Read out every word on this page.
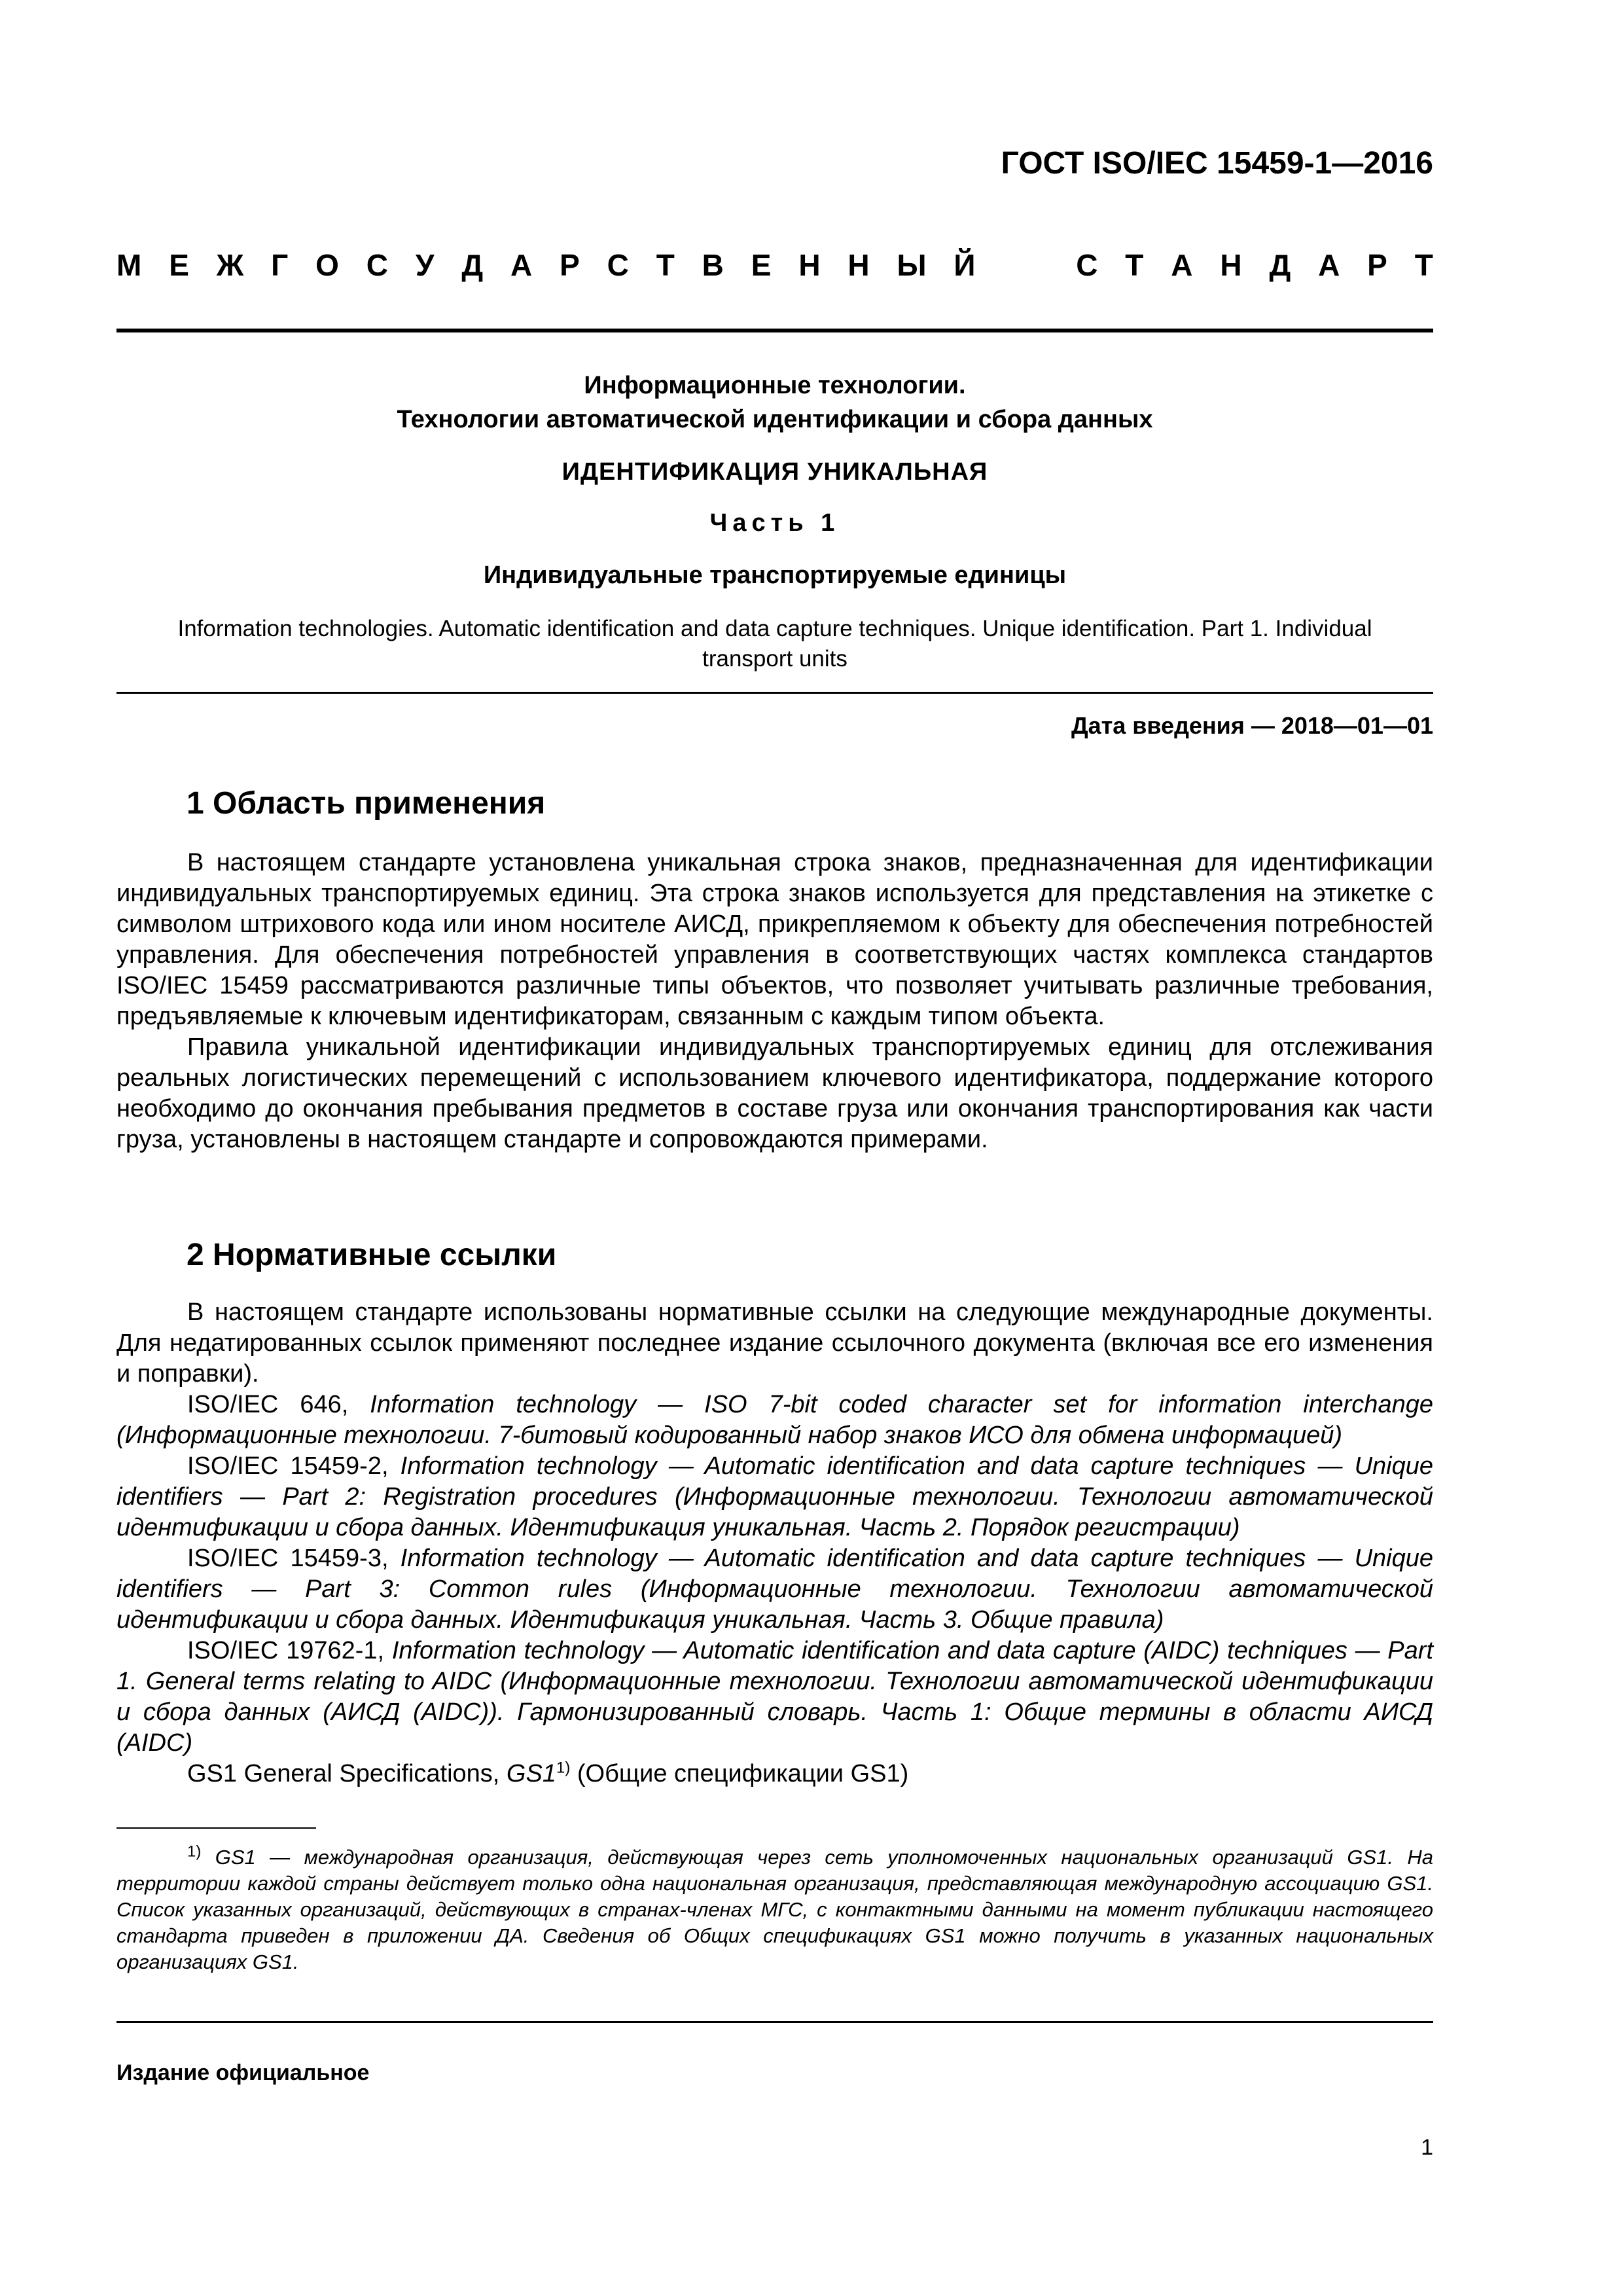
ГОСТ ISO/IEC 15459-1—2016
М Е Ж Г О С У Д А Р С Т В Е Н Н Ы Й	С Т А Н Д А Р Т
Информационные технологии.
Технологии автоматической идентификации и сбора данных
ИДЕНТИФИКАЦИЯ УНИКАЛЬНАЯ
Часть 1
Индивидуальные транспортируемые единицы
Information technologies. Automatic identification and data capture techniques. Unique identification. Part 1. Individual
transport units
Дата введения — 2018—01—01
1 Область применения

В настоящем стандарте установлена уникальная строка знаков, предназначенная для идентификации индивидуальных транспортируемых единиц. Эта строка знаков используется для представления на этикетке с символом штрихового кода или ином носителе АИСД, прикрепляемом к объекту для обеспечения потребностей управления. Для обеспечения потребностей управления в соответствующих частях комплекса стандартов ISO/IEC 15459 рассматриваются различные типы объектов, что позволяет учитывать различные требования, предъявляемые к ключевым идентификаторам, связанным с каждым типом объекта.

Правила уникальной идентификации индивидуальных транспортируемых единиц для отслеживания реальных логистических перемещений с использованием ключевого идентификатора, поддержание которого необходимо до окончания пребывания предметов в составе груза или окончания транспортирования как части груза, установлены в настоящем стандарте и сопровождаются примерами.

2 Нормативные ссылки

В настоящем стандарте использованы нормативные ссылки на следующие международные документы. Для недатированных ссылок применяют последнее издание ссылочного документа (включая все его изменения и поправки).

ISO/IEC 646, Information technology — ISO 7-bit coded character set for information interchange (Информационные технологии. 7-битовый кодированный набор знаков ИСО для обмена информацией)

ISO/IEC 15459-2, Information technology — Automatic identification and data capture techniques — Unique identifiers — Part 2: Registration procedures (Информационные технологии. Технологии автоматической идентификации и сбора данных. Идентификация уникальная. Часть 2. Порядок регистрации)

ISO/IEC 15459-3, Information technology — Automatic identification and data capture techniques — Unique identifiers — Part 3: Common rules (Информационные технологии. Технологии автоматической идентификации и сбора данных. Идентификация уникальная. Часть 3. Общие правила)

ISO/IEC 19762-1, Information technology — Automatic identification and data capture (AIDC) techniques — Part 1. General terms relating to AIDC (Информационные технологии. Технологии автоматической идентификации и сбора данных (АИСД (AIDC)). Гармонизированный словарь. Часть 1: Общие термины в области АИСД (AIDC)

GS1 General Specifications, GS1$^{1)}$ (Общие спецификации GS1)

$^{1)}$ GS1 — международная организация, действующая через сеть уполномоченных национальных организаций GS1. На территории каждой страны действует только одна национальная организация, представляющая международную ассоциацию GS1. Список указанных организаций, действующих в странах-членах МГС, с контактными данными на момент публикации настоящего стандарта приведен в приложении ДА. Сведения об Общих спецификациях GS1 можно получить в указанных национальных организациях GS1.

Издание официальное
1
